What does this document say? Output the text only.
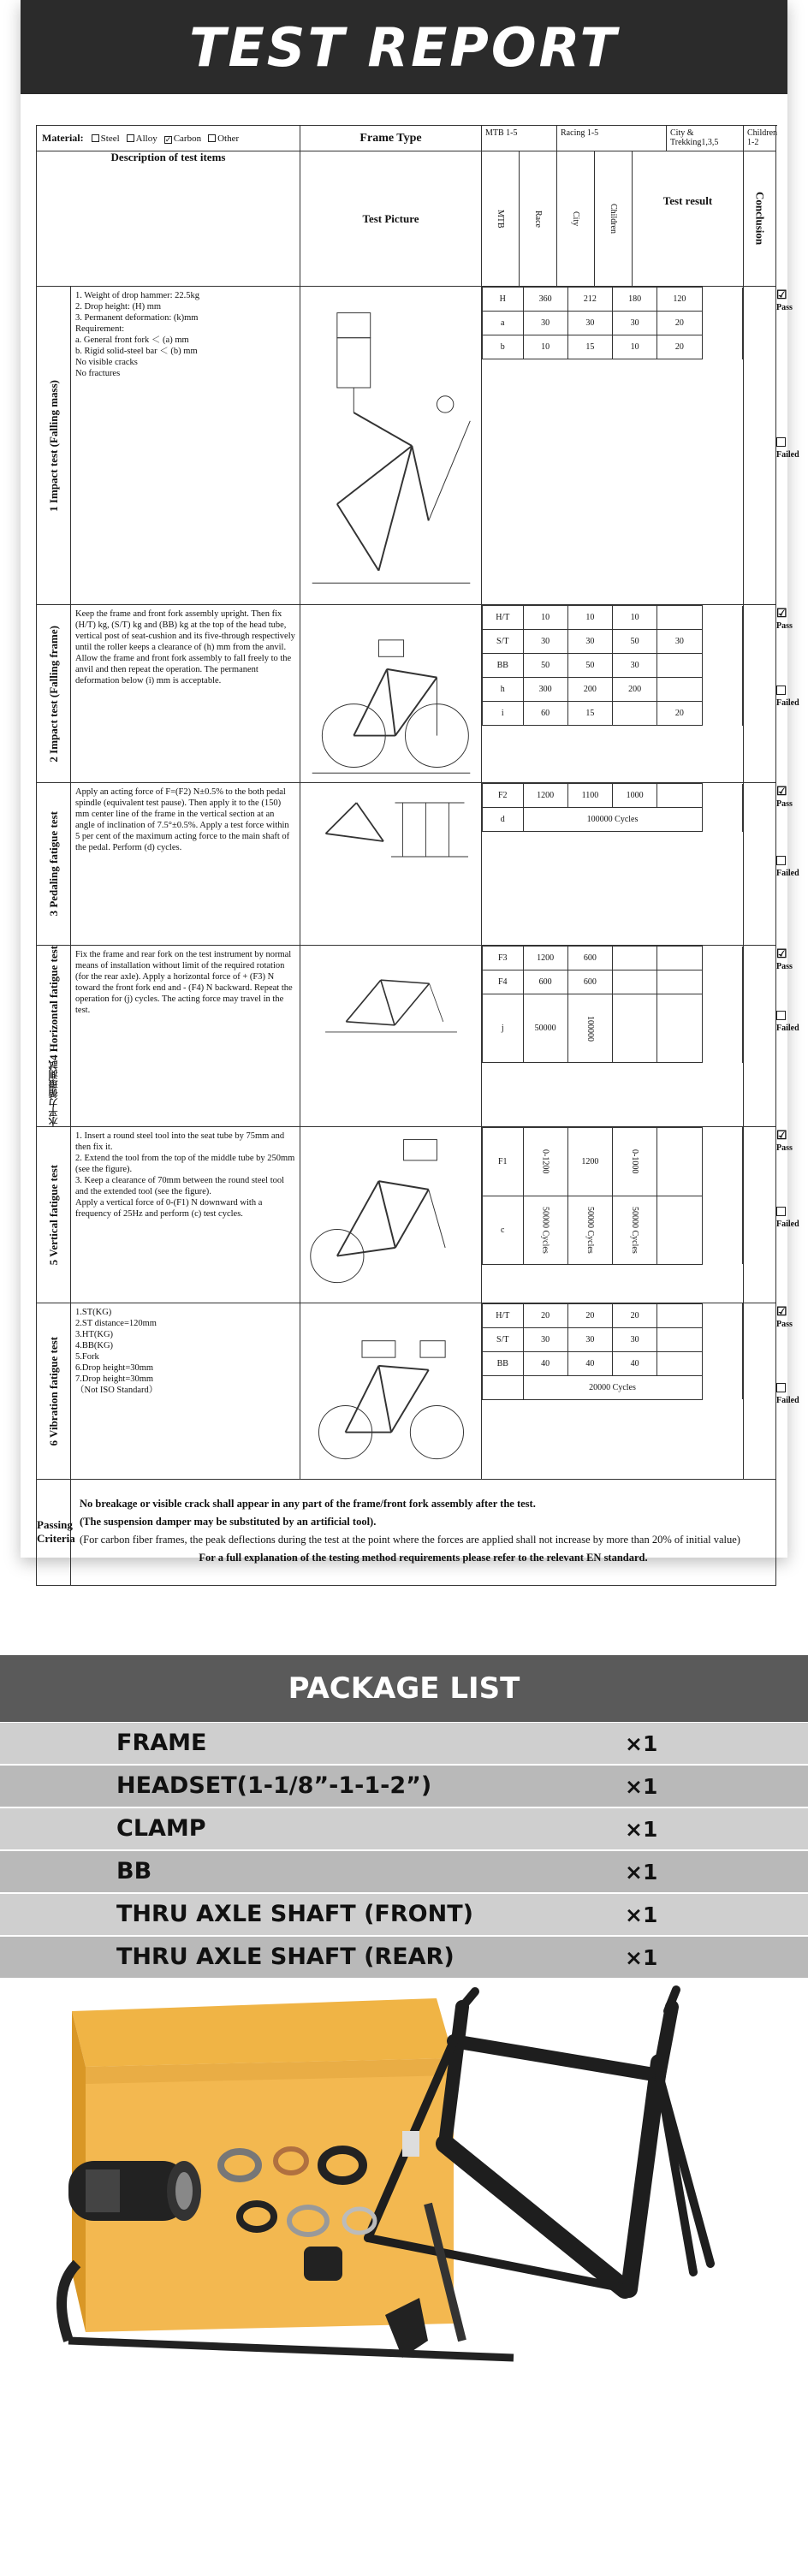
TEST REPORT
Material: Steel Alloy ✓ Carbon Other	Frame Type	MTB 1-5	Racing 1-5	City & Trekking1,3,5	Children 1-2

Description of test items
	Test Picture	MTB	Race	City	Children
	Test result	Conclusion

1 Impact test (Falling mass)

1. Weight of drop hammer: 22.5kg
2. Drop height: (H) mm
3. Permanent deformation: (k)mm
Requirement:
a. General front fork ＜ (a) mm
b. Rigid solid-steel bar ＜ (b) mm
No visible cracks
No fractures

H	360	212	180	120	
a	30	30	30	20	
b	10	15	10	20	

☑
Pass
Failed

2 Impact test (Falling frame)

Keep the frame and front fork assembly upright. Then fix (H/T) kg, (S/T) kg and (BB) kg at the top of the head tube, vertical post of seat-cushion and its five-through respectively until the roller keeps a clearance of (h) mm from the anvil. Allow the frame and front fork assembly to fall freely to the anvil and then repeat the operation. The permanent deformation below (i) mm is acceptable.

H/T	10	10	10		
S/T	30	30	50	30	
BB	50	50	30		
h	300	200	200		
i	60	15		20	

☑
Pass
Failed

3 Pedaling fatigue test

Apply an acting force of F=(F2) N±0.5% to the both pedal spindle (equivalent test pause). Then apply it to the (150) mm center line of the frame in the vertical section at an angle of inclination of 7.5°±0.5%. Apply a test force within 5 per cent of the maximum acting force to the main shaft of the pedal. Perform (d) cycles.

F2	1200	1100	1000		
d	100000 Cycles	

☑
Pass
Failed

4 Horizontal fatigue test
水平力循環測試

Fix the frame and rear fork on the test instrument by normal means of installation without limit of the required rotation (for the rear axle). Apply a horizontal force of + (F3) N toward the front fork end and - (F4) N backward. Repeat the operation for (j) cycles. The acting force may travel in the test.

F3	1200	600			
F4	600	600			
j	50000	100000			

☑
Pass
Failed

5 Vertical fatigue test

1. Insert a round steel tool into the seat tube by 75mm and then fix it.
2. Extend the tool from the top of the middle tube by 250mm (see the figure).
3. Keep a clearance of 70mm between the round steel tool and the extended tool (see the figure).
Apply a vertical force of 0-(F1) N downward with a frequency of 25Hz and perform (c) test cycles.

F1	0-1200	1200	0-1000		
c	50000 Cycles	50000 Cycles	50000 Cycles		

☑
Pass
Failed

6 Vibration fatigue test

1.ST(KG)
2.ST distance=120mm
3.HT(KG)
4.BB(KG)
5.Fork
6.Drop height=30mm
7.Drop height=30mm
（Not ISO Standard）

H/T	20	20	20		
S/T	30	30	30		
BB	40	40	40		
	20000 Cycles	

☑
Pass
Failed

Passing Criteria	

No breakage or visible crack shall appear in any part of the frame/front fork assembly after the test.

(The suspension damper may be substituted by an artificial tool).

(For carbon fiber frames, the peak deflections during the test at the point where the forces are applied shall not increase by more than 20% of initial value)

For a full explanation of the testing method requirements please refer to the relevant EN standard.

PACKAGE LIST
FRAME	×1
HEADSET(1-1/8”-1-1-2”)	×1
CLAMP	×1
BB	×1
THRU AXLE SHAFT (FRONT)	×1
THRU AXLE SHAFT (REAR)	×1
